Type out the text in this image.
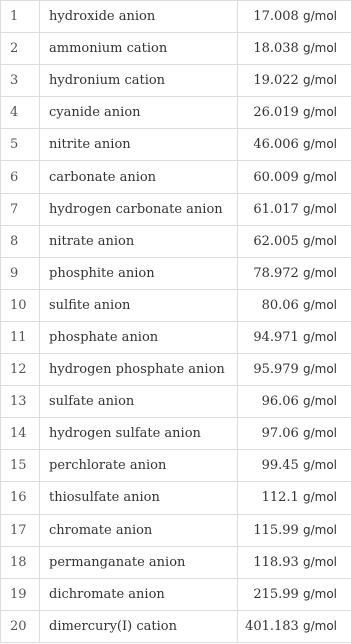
1	hydroxide anion	17.008 g/mol
2	ammonium cation	18.038 g/mol
3	hydronium cation	19.022 g/mol
4	cyanide anion	26.019 g/mol
5	nitrite anion	46.006 g/mol
6	carbonate anion	60.009 g/mol
7	hydrogen carbonate anion	61.017 g/mol
8	nitrate anion	62.005 g/mol
9	phosphite anion	78.972 g/mol
10	sulfite anion	80.06 g/mol
11	phosphate anion	94.971 g/mol
12	hydrogen phosphate anion	95.979 g/mol
13	sulfate anion	96.06 g/mol
14	hydrogen sulfate anion	97.06 g/mol
15	perchlorate anion	99.45 g/mol
16	thiosulfate anion	112.1 g/mol
17	chromate anion	115.99 g/mol
18	permanganate anion	118.93 g/mol
19	dichromate anion	215.99 g/mol
20	dimercury(I) cation	401.183 g/mol
